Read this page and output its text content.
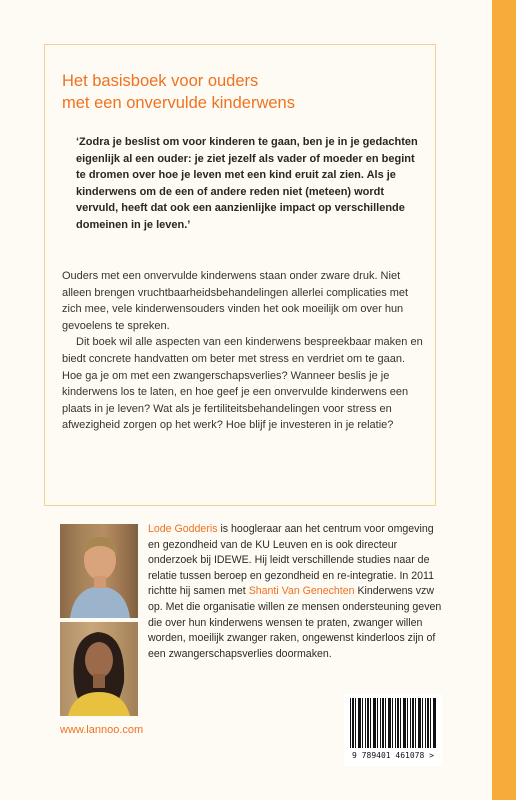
Het basisboek voor ouders
met een onvervulde kinderwens
‘Zodra je beslist om voor kinderen te gaan, ben je in je gedachten eigenlijk al een ouder: je ziet jezelf als vader of moeder en begint te dromen over hoe je leven met een kind eruit zal zien. Als je kinderwens om de een of andere reden niet (meteen) wordt vervuld, heeft dat ook een aanzienlijke impact op verschillende domeinen in je leven.’

Ouders met een onvervulde kinderwens staan onder zware druk. Niet alleen brengen vruchtbaarheidsbehandelingen allerlei complicaties met zich mee, vele kinderwensouders vinden het ook moeilijk om over hun gevoelens te spreken.

Dit boek wil alle aspecten van een kinderwens bespreekbaar maken en biedt concrete handvatten om beter met stress en verdriet om te gaan. Hoe ga je om met een zwangerschapsverlies? Wanneer beslis je je kinderwens los te laten, en hoe geef je een onvervulde kinderwens een plaats in je leven? Wat als je fertiliteitsbehandelingen voor stress en afwezigheid zorgen op het werk? Hoe blijf je investeren in je relatie?

Lode Godderis is hoogleraar aan het centrum voor omgeving en gezondheid van de KU Leuven en is ook directeur onderzoek bij IDEWE. Hij leidt verschillende studies naar de relatie tussen beroep en gezondheid en re-integratie. In 2011 richtte hij samen met Shanti Van Genechten Kinderwens vzw op. Met die organisatie willen ze mensen ondersteuning geven die over hun kinderwens wensen te praten, zwanger willen worden, moeilijk zwanger raken, ongewenst kinderloos zijn of een zwangerschapsverlies doormaken.
www.lannoo.com
9 789401 461078 >
